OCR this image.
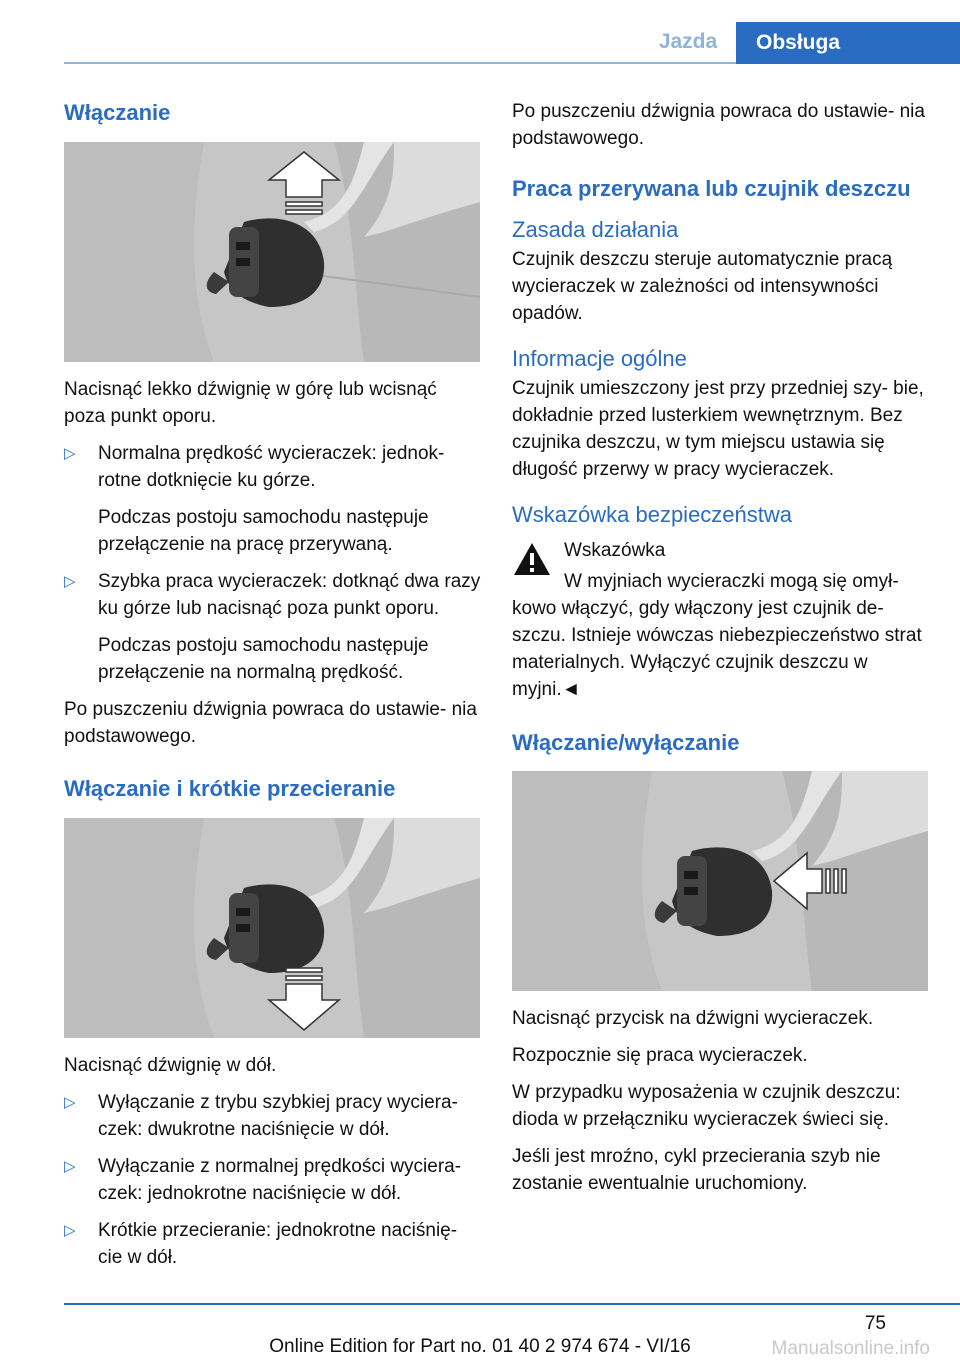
Jazda	Obsługa
Włączanie

Nacisnąć lekko dźwignię w górę lub wcisnąć poza punkt oporu.

▷	Normalna prędkość wycieraczek: jednok‐ rotne dotknięcie ku górze.

Podczas postoju samochodu następuje przełączenie na pracę przerywaną.

▷	Szybka praca wycieraczek: dotknąć dwa razy ku górze lub nacisnąć poza punkt oporu.

Podczas postoju samochodu następuje przełączenie na normalną prędkość.

Po puszczeniu dźwignia powraca do ustawie‐ nia podstawowego.

Włączanie i krótkie przecieranie

Nacisnąć dźwignię w dół.

▷	Wyłączanie z trybu szybkiej pracy wyciera‐ czek: dwukrotne naciśnięcie w dół.

▷	Wyłączanie z normalnej prędkości wyciera‐ czek: jednokrotne naciśnięcie w dół.

▷	Krótkie przecieranie: jednokrotne naciśnię‐ cie w dół.

Po puszczeniu dźwignia powraca do ustawie‐ nia podstawowego.

Praca przerywana lub czujnik deszczu
Zasada działania

Czujnik deszczu steruje automatycznie pracą wycieraczek w zależności od intensywności opadów.

Informacje ogólne

Czujnik umieszczony jest przy przedniej szy‐ bie, dokładnie przed lusterkiem wewnętrznym. Bez czujnika deszczu, w tym miejscu ustawia się długość przerwy w pracy wycieraczek.

Wskazówka bezpieczeństwa

Wskazówka

W myjniach wycieraczki mogą się omył‐

kowo włączyć, gdy włączony jest czujnik de‐ szczu. Istnieje wówczas niebezpieczeństwo strat materialnych. Wyłączyć czujnik deszczu w myjni.◄

Włączanie/wyłączanie

Nacisnąć przycisk na dźwigni wycieraczek.

Rozpocznie się praca wycieraczek.

W przypadku wyposażenia w czujnik deszczu: dioda w przełączniku wycieraczek świeci się.

Jeśli jest mroźno, cykl przecierania szyb nie zostanie ewentualnie uruchomiony.

75
Online Edition for Part no. 01 40 2 974 674 - VI/16	Manualsonline.info
